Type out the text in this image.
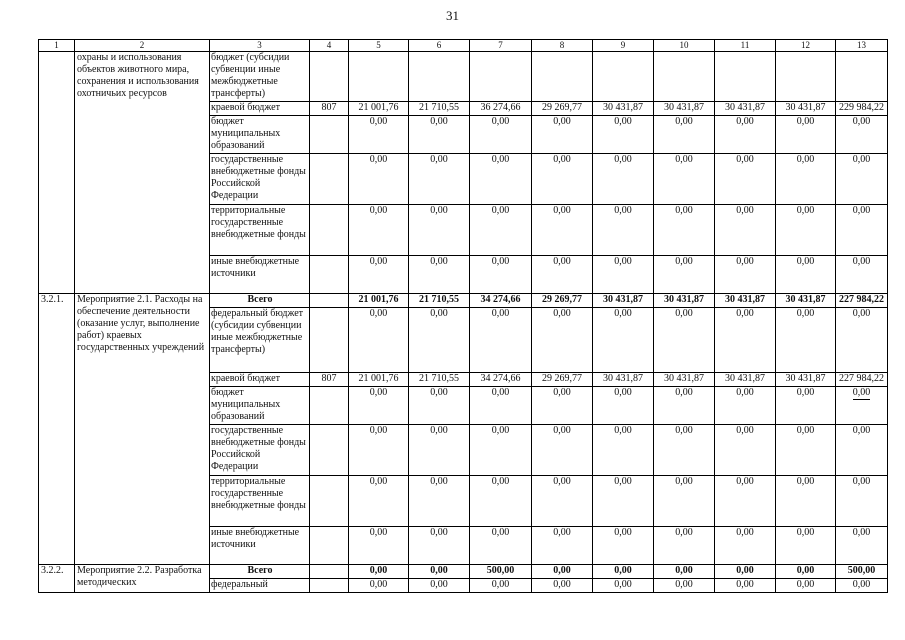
31
1	2	3	4	5	6	7	8	9	10	11	12	13
	охраны и использования объектов животного мира, сохранения и использования охотничьих ресурсов	бюджет (субсидии субвенции иные межбюджетные трансферты)										
		краевой бюджет	807	21 001,76	21 710,55	36 274,66	29 269,77	30 431,87	30 431,87	30 431,87	30 431,87	229 984,22
		бюджет муниципальных образований		0,00	0,00	0,00	0,00	0,00	0,00	0,00	0,00	0,00
		государственные внебюджетные фонды Российской Федерации		0,00	0,00	0,00	0,00	0,00	0,00	0,00	0,00	0,00
		территориальные государственные внебюджетные фонды		0,00	0,00	0,00	0,00	0,00	0,00	0,00	0,00	0,00
		иные внебюджетные источники		0,00	0,00	0,00	0,00	0,00	0,00	0,00	0,00	0,00
3.2.1.	Мероприятие 2.1. Расходы на обеспечение деятельности (оказание услуг, выполнение работ) краевых государственных учреждений	Всего		21 001,76	21 710,55	34 274,66	29 269,77	30 431,87	30 431,87	30 431,87	30 431,87	227 984,22
		федеральный бюджет (субсидии субвенции иные межбюджетные трансферты)		0,00	0,00	0,00	0,00	0,00	0,00	0,00	0,00	0,00
		краевой бюджет	807	21 001,76	21 710,55	34 274,66	29 269,77	30 431,87	30 431,87	30 431,87	30 431,87	227 984,22
		бюджет муниципальных образований		0,00	0,00	0,00	0,00	0,00	0,00	0,00	0,00	0,00
		государственные внебюджетные фонды Российской Федерации		0,00	0,00	0,00	0,00	0,00	0,00	0,00	0,00	0,00
		территориальные государственные внебюджетные фонды		0,00	0,00	0,00	0,00	0,00	0,00	0,00	0,00	0,00
		иные внебюджетные источники		0,00	0,00	0,00	0,00	0,00	0,00	0,00	0,00	0,00
3.2.2.	Мероприятие 2.2. Разработка методических	Всего		0,00	0,00	500,00	0,00	0,00	0,00	0,00	0,00	500,00
		федеральный		0,00	0,00	0,00	0,00	0,00	0,00	0,00	0,00	0,00
